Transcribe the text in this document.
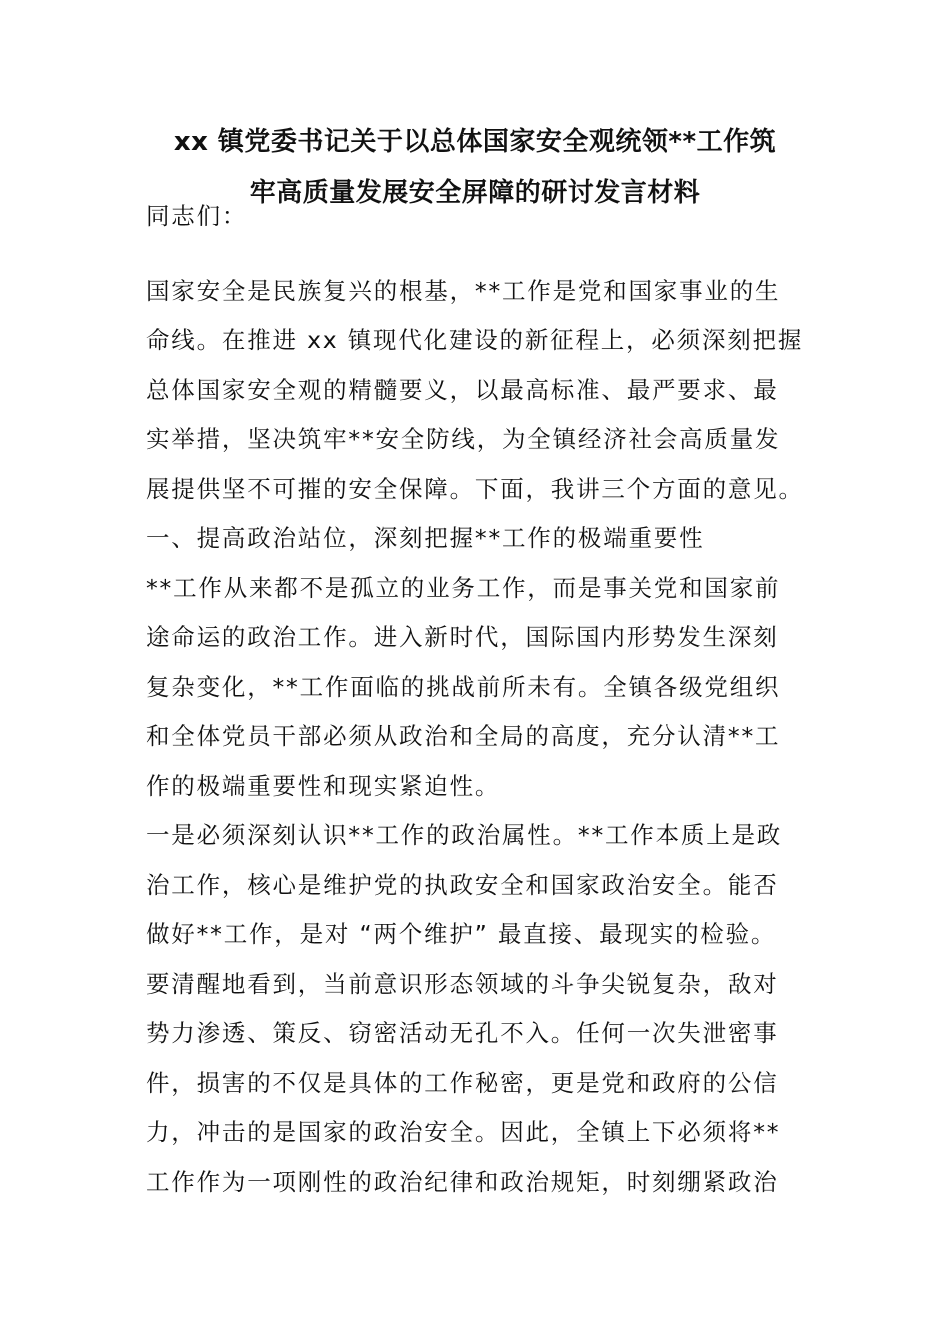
xx 镇党委书记关于以总体国家安全观统领**工作筑
牢高质量发展安全屏障的研讨发言材料
同志们：
国家安全是民族复兴的根基，**工作是党和国家事业的生
命线。在推进 xx 镇现代化建设的新征程上，必须深刻把握
总体国家安全观的精髓要义，以最高标准、最严要求、最
实举措，坚决筑牢**安全防线，为全镇经济社会高质量发
展提供坚不可摧的安全保障。下面，我讲三个方面的意见。
一、提高政治站位，深刻把握**工作的极端重要性
**工作从来都不是孤立的业务工作，而是事关党和国家前
途命运的政治工作。进入新时代，国际国内形势发生深刻
复杂变化，**工作面临的挑战前所未有。全镇各级党组织
和全体党员干部必须从政治和全局的高度，充分认清**工
作的极端重要性和现实紧迫性。
一是必须深刻认识**工作的政治属性。**工作本质上是政
治工作，核心是维护党的执政安全和国家政治安全。能否
做好**工作，是对 “两个维护” 最直接、最现实的检验。
要清醒地看到，当前意识形态领域的斗争尖锐复杂，敌对
势力渗透、策反、窃密活动无孔不入。任何一次失泄密事
件，损害的不仅是具体的工作秘密，更是党和政府的公信
力，冲击的是国家的政治安全。因此，全镇上下必须将**
工作作为一项刚性的政治纪律和政治规矩，时刻绷紧政治
